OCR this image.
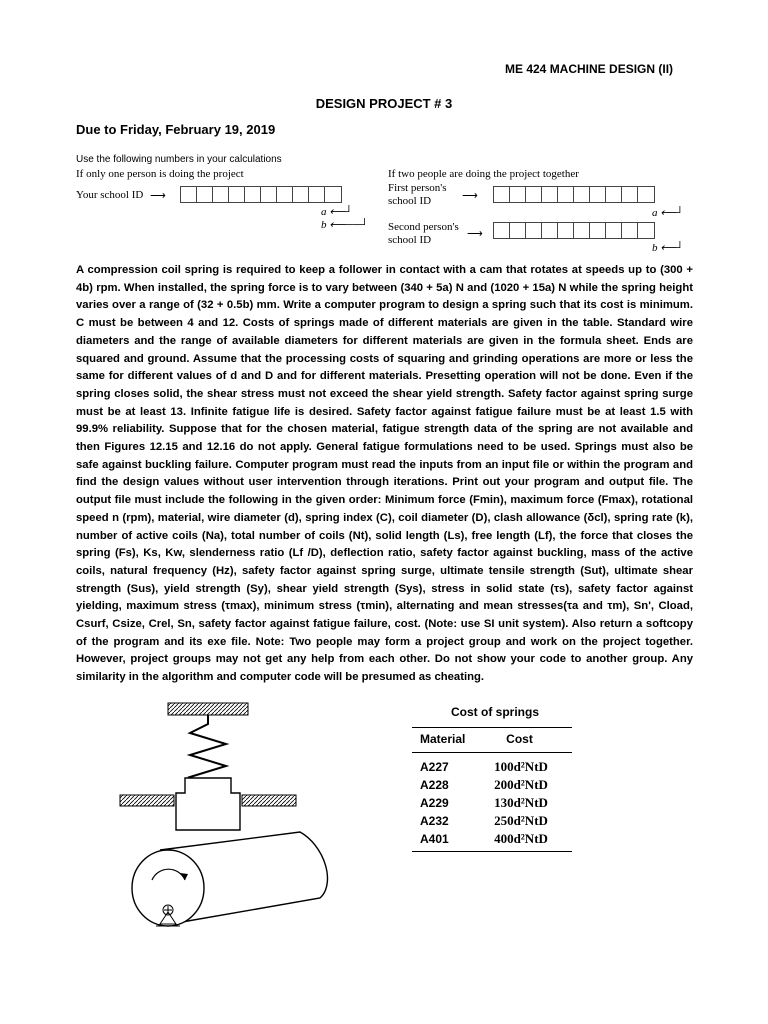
ME 424 MACHINE DESIGN (II)
DESIGN PROJECT # 3
Due to Friday, February 19, 2019
Use the following numbers in your calculations
If only one person is doing the project
Your school ID ⟶
a ⟵┘
b ⟵──┘
If two people are doing the project together
First person's
school ID	⟶
a ⟵┘
Second person's
school ID	⟶
b ⟵┘

A compression coil spring is required to keep a follower in contact with a cam that rotates at speeds up to (300 + 4b) rpm. When installed, the spring force is to vary between (340 + 5a) N and (1020 + 15a) N while the spring height varies over a range of (32 + 0.5b) mm. Write a computer program to design a spring such that its cost is minimum. C must be between 4 and 12. Costs of springs made of different materials are given in the table. Standard wire diameters and the range of available diameters for different materials are given in the formula sheet. Ends are squared and ground. Assume that the processing costs of squaring and grinding operations are more or less the same for different values of d and D and for different materials. Presetting operation will not be done. Even if the spring closes solid, the shear stress must not exceed the shear yield strength. Safety factor against spring surge must be at least 13. Infinite fatigue life is desired. Safety factor against fatigue failure must be at least 1.5 with 99.9% reliability. Suppose that for the chosen material, fatigue strength data of the spring are not available and then Figures 12.15 and 12.16 do not apply. General fatigue formulations need to be used. Springs must also be safe against buckling failure. Computer program must read the inputs from an input file or within the program and find the design values without user intervention through iterations. Print out your program and output file. The output file must include the following in the given order: Minimum force (Fmin), maximum force (Fmax), rotational speed n (rpm), material, wire diameter (d), spring index (C), coil diameter (D), clash allowance (δcl), spring rate (k), number of active coils (Na), total number of coils (Nt), solid length (Ls), free length (Lf), the force that closes the spring (Fs), Ks, Kw, slenderness ratio (Lf /D), deflection ratio, safety factor against buckling, mass of the active coils, natural frequency (Hz), safety factor against spring surge, ultimate tensile strength (Sut), ultimate shear strength (Sus), yield strength (Sy), shear yield strength (Sys), stress in solid state (τs), safety factor against yielding, maximum stress (τmax), minimum stress (τmin), alternating and mean stresses(τa and τm), Sn', Cload, Csurf, Csize, Crel, Sn, safety factor against fatigue failure, cost. (Note: use SI unit system). Also return a softcopy of the program and its exe file. Note: Two people may form a project group and work on the project together. However, project groups may not get any help from each other. Do not show your code to another group. Any similarity in the algorithm and computer code will be presumed as cheating.

Cost of springs
Material	Cost
A227	100d²NtD
A228	200d²NtD
A229	130d²NtD
A232	250d²NtD
A401	400d²NtD
